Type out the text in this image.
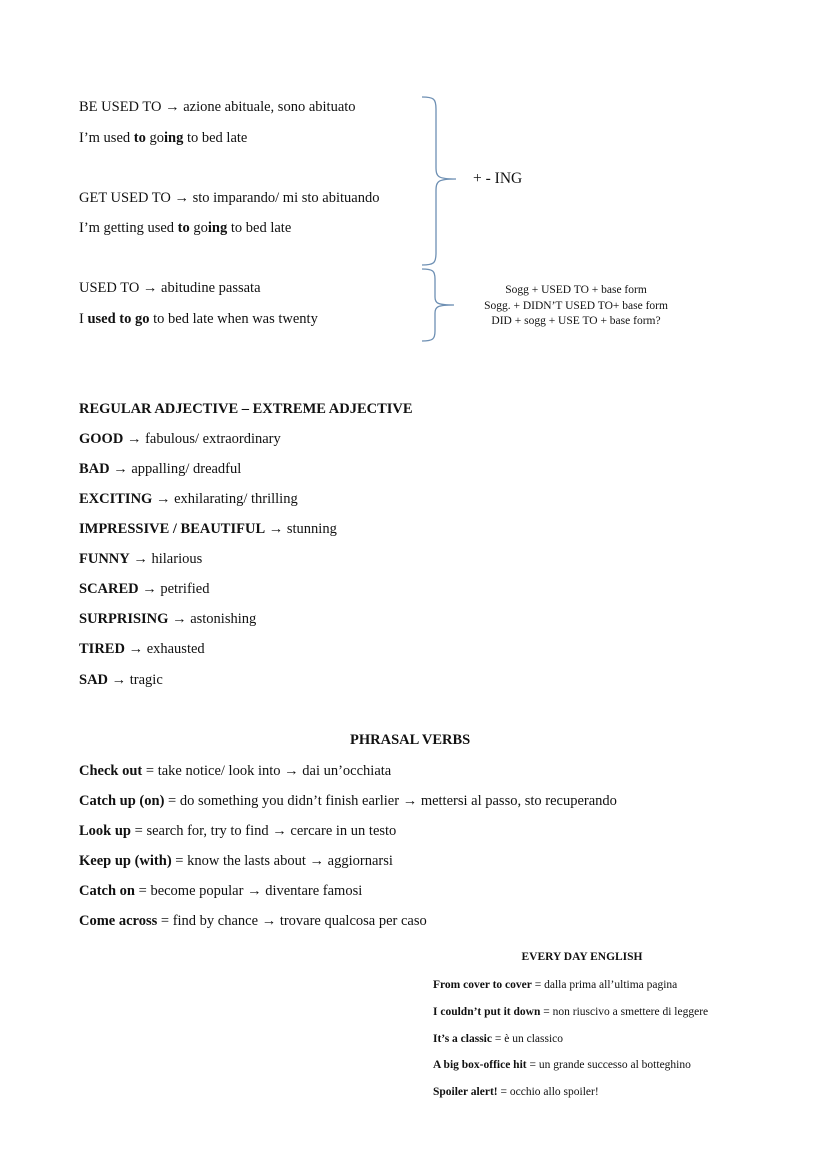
BE USED TO → azione abituale, sono abituato
I’m used to going to bed late
GET USED TO → sto imparando/ mi sto abituando
I’m getting used to going to bed late
+ - ING
USED TO → abitudine passata
I used to go to bed late when was twenty
Sogg + USED TO + base form
Sogg. + DIDN’T USED TO+ base form
DID + sogg + USE TO + base form?
REGULAR ADJECTIVE – EXTREME ADJECTIVE
GOOD → fabulous/ extraordinary
BAD → appalling/ dreadful
EXCITING → exhilarating/ thrilling
IMPRESSIVE / BEAUTIFUL → stunning
FUNNY → hilarious
SCARED → petrified
SURPRISING → astonishing
TIRED → exhausted
SAD → tragic
PHRASAL VERBS
Check out = take notice/ look into → dai un’occhiata
Catch up (on) = do something you didn’t finish earlier → mettersi al passo, sto recuperando
Look up = search for, try to find → cercare in un testo
Keep up (with) = know the lasts about → aggiornarsi
Catch on = become popular → diventare famosi
Come across = find by chance → trovare qualcosa per caso
EVERY DAY ENGLISH
From cover to cover = dalla prima all’ultima pagina
I couldn’t put it down = non riuscivo a smettere di leggere
It’s a classic = è un classico
A big box-office hit = un grande successo al botteghino
Spoiler alert! = occhio allo spoiler!
